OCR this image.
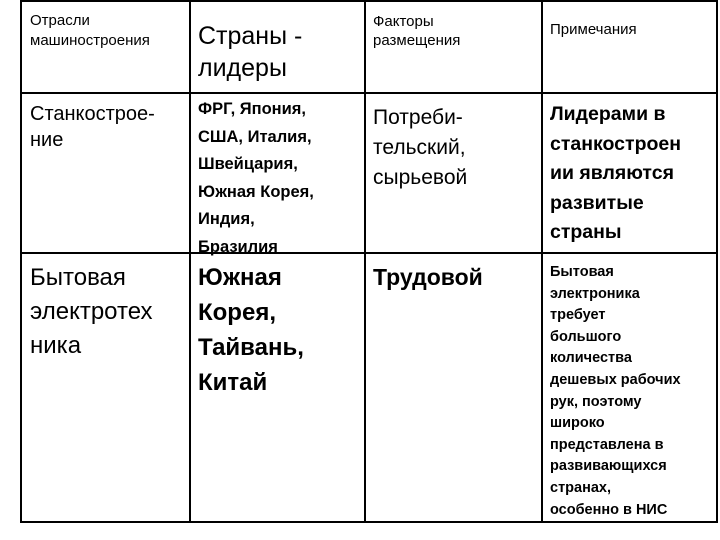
Отрасли
машиностроения	Страны -
лидеры
Факторы
размещения
Примечания
Станкострое-
ние
ФРГ, Япония,
США, Италия,
Швейцария,
Южная Корея,
Индия,
Бразилия
Потреби-
тельский,
сырьевой
Лидерами в
станкостроен
ии являются
развитые
страны
Бытовая
электротех
ника
Южная
Корея,
Тайвань,
Китай
Трудовой	Бытовая
электроника
требует
большого
количества
дешевых рабочих
рук, поэтому
широко
представлена в
развивающихся
странах,
особенно в НИС
